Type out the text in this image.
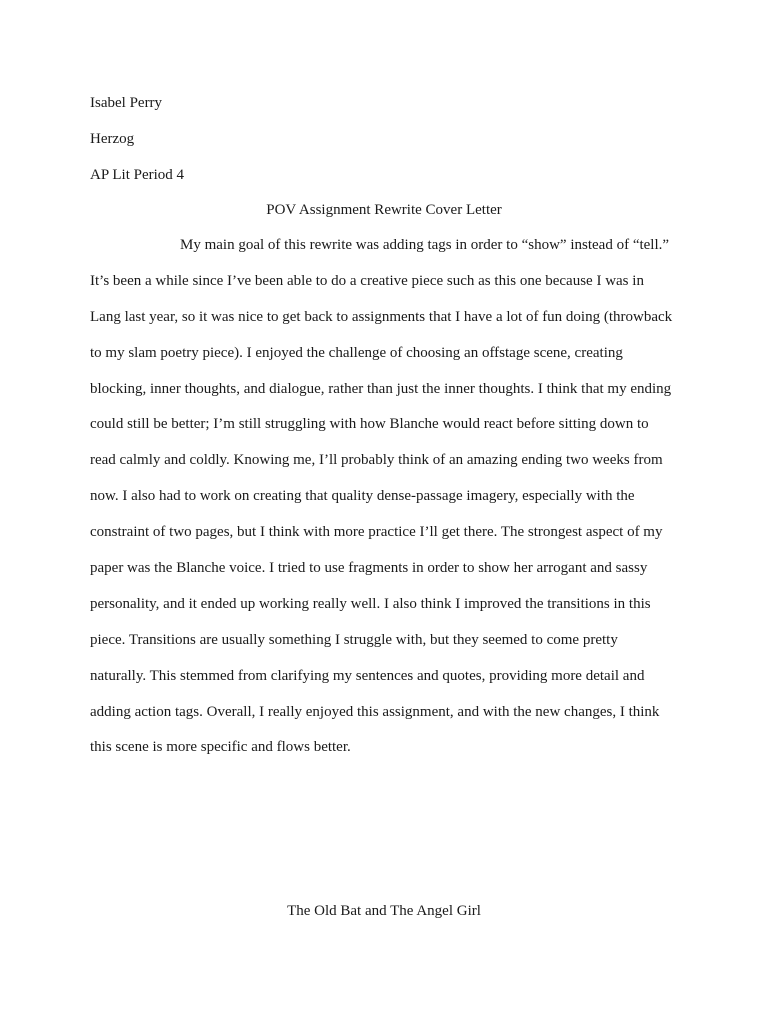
Isabel Perry
Herzog
AP Lit Period 4
POV Assignment Rewrite Cover Letter
My main goal of this rewrite was adding tags in order to “show” instead of “tell.”
It’s been a while since I’ve been able to do a creative piece such as this one because I was in
Lang last year, so it was nice to get back to assignments that I have a lot of fun doing (throwback
to my slam poetry piece). I enjoyed the challenge of choosing an offstage scene, creating
blocking, inner thoughts, and dialogue, rather than just the inner thoughts. I think that my ending
could still be better; I’m still struggling with how Blanche would react before sitting down to
read calmly and coldly. Knowing me, I’ll probably think of an amazing ending two weeks from
now. I also had to work on creating that quality dense-passage imagery, especially with the
constraint of two pages, but I think with more practice I’ll get there. The strongest aspect of my
paper was the Blanche voice. I tried to use fragments in order to show her arrogant and sassy
personality, and it ended up working really well. I also think I improved the transitions in this
piece. Transitions are usually something I struggle with, but they seemed to come pretty
naturally. This stemmed from clarifying my sentences and quotes, providing more detail and
adding action tags. Overall, I really enjoyed this assignment, and with the new changes, I think
this scene is more specific and flows better.
The Old Bat and The Angel Girl
